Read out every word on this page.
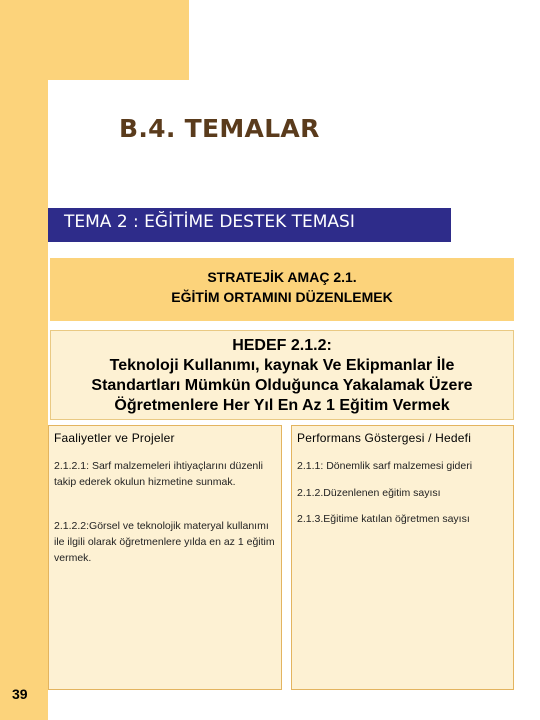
B.4. TEMALAR
TEMA 2 : EĞİTİME DESTEK TEMASI
STRATEJİK AMAÇ 2.1.
EĞİTİM ORTAMINI DÜZENLEMEK
HEDEF 2.1.2:
Teknoloji Kullanımı, kaynak Ve Ekipmanlar İle
Standartları Mümkün Olduğunca Yakalamak Üzere
Öğretmenlere Her Yıl En Az 1 Eğitim Vermek
Faaliyetler ve Projeler
2.1.2.1: Sarf malzemeleri ihtiyaçlarını düzenli takip ederek okulun hizmetine sunmak.
2.1.2.2:Görsel ve teknolojik materyal kullanımı ile ilgili olarak öğretmenlere yılda en az 1 eğitim vermek.
Performans Göstergesi / Hedefi
2.1.1: Dönemlik sarf malzemesi gideri
2.1.2.Düzenlenen eğitim sayısı
2.1.3.Eğitime katılan öğretmen sayısı
39
